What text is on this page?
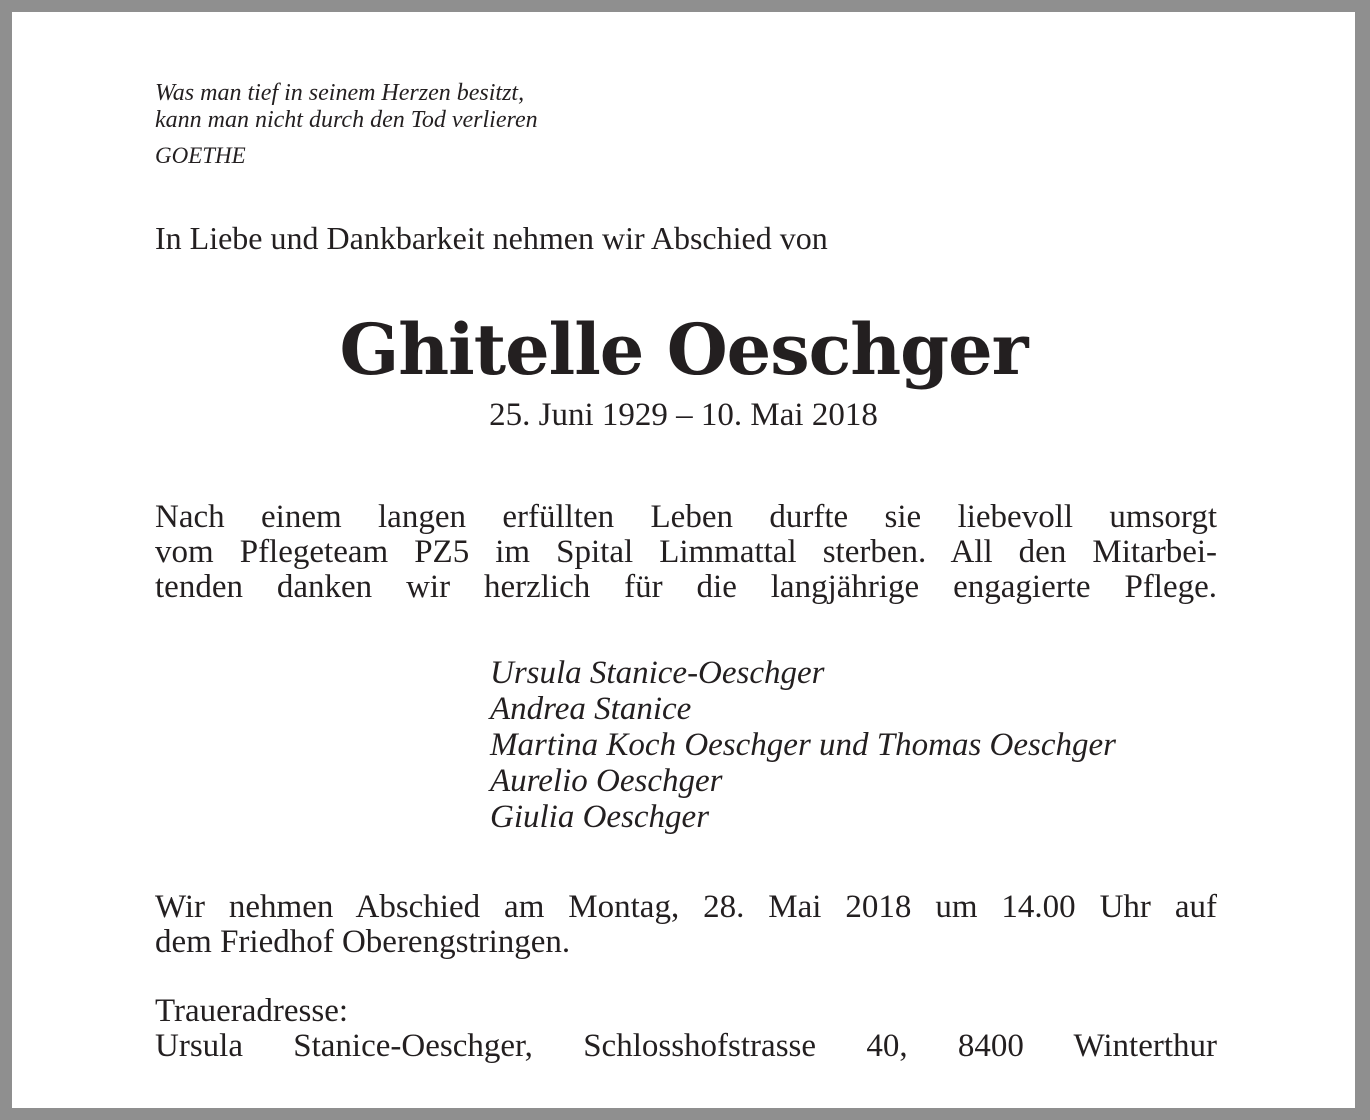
Was man tief in seinem Herzen besitzt,
kann man nicht durch den Tod verlieren
GOETHE
In Liebe und Dankbarkeit nehmen wir Abschied von
Ghitelle Oeschger
25. Juni 1929 – 10. Mai 2018
Nach einem langen erfüllten Leben durfte sie liebevoll umsorgt
vom Pflegeteam PZ5 im Spital Limmattal sterben. All den Mitarbei-
tenden danken wir herzlich für die langjährige engagierte Pflege.
Ursula Stanice-Oeschger
Andrea Stanice
Martina Koch Oeschger und Thomas Oeschger
Aurelio Oeschger
Giulia Oeschger
Wir nehmen Abschied am Montag, 28. Mai 2018 um 14.00 Uhr auf
dem Friedhof Oberengstringen.
Traueradresse:
Ursula Stanice-Oeschger, Schlosshofstrasse 40, 8400 Winterthur
